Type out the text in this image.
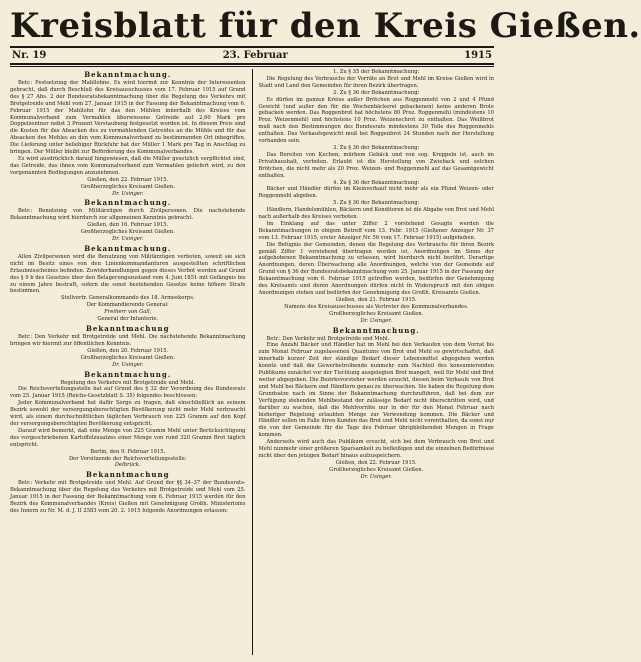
Kreisblatt für den Kreis Gießen.
Nr. 19	23. Februar	1915
Bekanntmachung.

Betr.: Festsetzung der Mahllohne. Es wird hiermit zur Kenntnis der Interessenten gebracht, daß durch Beschluß des Kreisausschusses vom 17. Februar 1915 auf Grund des § 27 Abs. 2 der Bundesratsbekanntmachung über die Regelung des Verkehrs mit Brotgetreide und Mehl vom 27. Januar 1915 in der Fassung der Bekanntmachung vom 6. Februar 1915 der Mahllohn für das den Mühlen innerhalb des Kreises vom Kommunalverband zum Vermahlen überwiesene Getreide auf 2,60 Mark pro Doppelzentner nebst 3 Prozent Verstaubung festgesetzt worden ist. In diesem Preis sind die Kosten für das Absacken des zu vermahlenden Getreides an die Mühle und für das Absacken des Mehles an den vom Kommunalverband zu bestimmenden Ort inbegriffen. Die Lieferung unter beliebiger Rückfuhr hat der Müller 1 Mark pro Tag in Anschlag zu bringen. Der Müller bleibt zur Beförderung des Kommunalverbandes.

Es wird ausdrücklich darauf hingewiesen, daß die Müller gesetzlich verpflichtet sind, das Getreide, das ihnen vom Kommunalverband zum Vermahlen geliefert wird, zu den vorgenannten Bedingungen anzunehmen.

Gießen, den 22. Februar 1915.

Großherzogliches Kreisamt Gießen.

Dr. Usinger.

Bekanntmachung.

Betr.: Benutzung von Militärzügen durch Zivilpersonen. Die nachstehende Bekanntmachung wird hierdurch zur allgemeinen Kenntnis gebracht.

Gießen, den 16. Februar 1915.

Großherzogliches Kreisamt Gießen.

Dr. Usinger.

Bekanntmachung.

Allen Zivilpersonen wird die Benutzung von Militärzügen verboten, soweit sie sich nicht im Besitz eines von den Linienkommandanturen ausgestellten schriftlichen Erlaubnisscheines befinden. Zuwiderhandlungen gegen dieses Verbot werden auf Grund des § 9 b des Gesetzes über den Belagerungszustand vom 4. Juni 1851 mit Gefängnis bis zu einem Jahre bestraft, sofern die sonst bestehenden Gesetze keine höhere Strafe bestimmen.

Stellvertr. Generalkommando des 18. Armeekorps.

Der Kommandierende General:

Freiherr von Gall,

General der Infanterie.

Bekanntmachung

Betr.: Den Verkehr mit Brotgetreide und Mehl. Die nachstehende Bekanntmachung bringen wir hiermit zur öffentlichen Kenntnis.

Gießen, den 20. Februar 1915.

Großherzogliches Kreisamt Gießen.

Dr. Usinger.

Bekanntmachung.

Regelung des Verkehrs mit Brotgetreide und Mehl.

Die Reichsverteilungsstelle hat auf Grund des § 32 der Verordnung des Bundesrats vom 25. Januar 1915 (Reichs-Gesetzblatt S. 35) folgendes beschlossen:

Jeder Kommunalverband hat dafür Sorge zu tragen, daß einschließlich an seinem Bezirk sowohl der versorgungsberechtigten Bevölkerung nicht mehr Mehl verbraucht wird, als einem durchschnittlichen täglichen Verbrauch von 225 Gramm auf den Kopf der versorgungsberechtigten Bevölkerung entspricht.

Darauf wird bemerkt, daß eine Menge von 225 Gramm Mehl unter Berücksichtigung des vorgeschriebenen Kartoffelzusatzes einer Menge von rund 320 Gramm Brot täglich entspricht.

Berlin, den 9. Februar 1915.

Der Vorsitzende der Reichsverteilungsstelle:

Delbrück.

Bekanntmachung

Betr.: Verkehr mit Brotgetreide und Mehl. Auf Grund der §§ 34–37 der Bundesrats-Bekanntmachung über die Regelung des Verkehrs mit Brotgetreide und Mehl vom 25. Januar 1915 in der Fassung der Bekanntmachung vom 6. Februar 1915 werden für den Bezirk des Kommunalverbandes (Kreis) Gießen mit Genehmigung Großh. Ministeriums des Innern zu Nr. M. d. J. II 2583 vom 20. 2. 1915 folgende Anordnungen erlassen:

1. Zu § 35 der Bekanntmachung:

Die Regelung des Verbrauchs der Vorräte an Brot und Mehl im Kreise Gießen wird in Stadt und Land den Gemeinden für ihren Bezirk übertragen.

2. Zu § 36 der Bekanntmachung:

Es dürfen im ganzen Kreise außer Brötchen aus Roggenmehl von 2 und 4 Pfund Gewicht (und außer den für die Wochenbäckerei gebackenen) keine anderen Brote gebacken werden. Das Roggenbrot hat höchstens 80 Proz. Roggenmehl (mindestens 10 Proz. Weizenmehl) und höchstens 10 Proz. Weizenschrot zu enthalten. Das Weißbrot muß nach den Bestimmungen des Bundesrats mindestens 30 Teile des Roggenmehls enthalten. Das Verkaufsgewicht muß bei Roggenbrot 24 Stunden nach der Herstellung vorhanden sein.

3. Zu § 36 der Bekanntmachung:

Das Bereiten von Kuchen, mürbem Gebäck und von sog. Kreppeln ist, auch im Privathaushalt, verboten. Erlaubt ist die Herstellung von Zwieback und solchen Brötchen, die nicht mehr als 20 Proz. Weizen- und Roggenmehl auf das Gesamtgewicht enthalten.

4. Zu § 36 der Bekanntmachung:

Bäcker und Händler dürfen im Kleinverkauf nicht mehr als ein Pfund Weizen- oder Roggenmehl abgeben.

5. Zu § 36 der Bekanntmachung:

Händlern, Handelsmühlen, Bäckern und Konditoren ist die Abgabe von Brot und Mehl nach außerhalb des Kreises verboten.

Im Einklang auf das unter Ziffer 2 vorstehend Gesagte werden die Bekanntmachungen in obigem Betreff vom 13. Febr. 1915 (Gießener Anzeiger Nr. 37 vom 13. Februar 1915, erster Anzeiger Nr. 56 vom 17. Februar 1915) aufgehoben.

Die Befugnis der Gemeinden, denen die Regelung des Verbrauchs für ihren Bezirk gemäß Ziffer 1 vorstehend übertragen worden ist, Anordnungen im Sinne der aufgehobenen Bekanntmachung zu erlassen, wird hierdurch nicht berührt. Derartige Anordnungen, deren Überwachung alle Anordnungen, welche von der Gemeinde auf Grund von § 36 der Bundesratsbekanntmachung vom 25. Januar 1915 in der Fassung der Bekanntmachung vom 6. Februar 1915 getroffen werden, bedürfen der Genehmigung des Kreisamts und deren Anordnungen dürfen nicht in Widerspruch mit den obigen Anordnungen stehen und bedürfen der Genehmigung des Großh. Kreisamts Gießen.

Gießen, den 21. Februar 1915.

Namens des Kreisausschusses als Vertreter des Kommunalverbandes.

Großherzogliches Kreisamt Gießen.

Dr. Usinger.

Bekanntmachung.

Betr.: Den Verkehr mit Brotgetreide und Mehl.

Eine Anzahl Bäcker und Händler hat im Mehl bei den Verkaufen von dem Vorrat bis zum Monat Februar zugelassenen Quantums von Brot und Mehl so gewirtschaftet, daß innerhalb kurzer Zeit der ständige Bedarf dieser Lebensmittel abgegeben werden konnte und daß die Gewerbetreibende nunmehr zum Nachteil des konsumierenden Publikums zunächst vor der Tischlung ausgelegten Brot mangelt, weil für Mehl und Brot weiter abgegeben. Die Bezirksvorsteher werden ersucht, diesen beim Verkaufe von Brot und Mehl bei Bäckern und Händlern genau zu überwachen. Sie haben die Regelung dem Grundsatze nach im Sinne der Bekanntmachung durchzuführen, daß bei dem zur Verfügung stehenden Mehlbestand der zulässige Bedarf nicht überschritten wird, und darüber zu wachen, daß die Mehlvorräte nur in der für den Monat Februar nach bisheriger Regelung erlaubten Menge zur Verwendung kommen. Die Bäcker und Händler sollen im Falle ihren Kunden das Brot und Mehl nicht vorenthalten, da sonst nur die von der Gemeinde für die Tage des Februar übrigbleibenden Mengen in Frage kommen.

Anderseits wird auch das Publikum ersucht, sich bei dem Verbrauch von Brot und Mehl nunmehr einer größeren Sparsamkeit zu befleißigen und die einzelnen Bedürfnisse nicht über den jetzigen Bedarf hinaus aufzuspeichern.

Gießen, den 22. Februar 1915.

Großherzogliches Kreisamt Gießen.

Dr. Usinger.
